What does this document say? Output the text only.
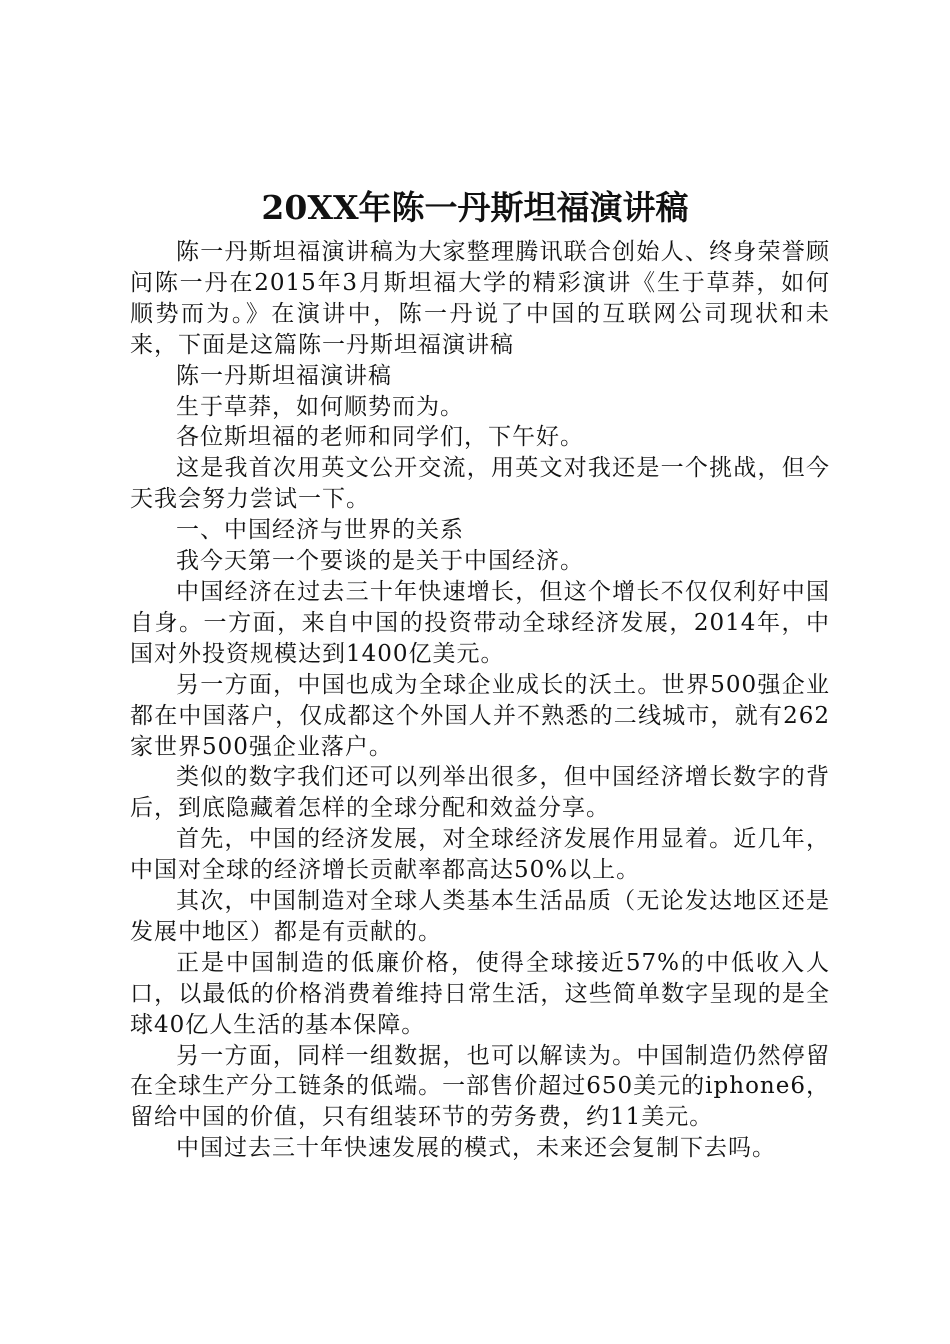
20XX年陈一丹斯坦福演讲稿

陈一丹斯坦福演讲稿为大家整理腾讯联合创始人、终身荣誉顾问陈一丹在2015年3月斯坦福大学的精彩演讲《生于草莽，如何顺势而为。》在演讲中，陈一丹说了中国的互联网公司现状和未来，下面是这篇陈一丹斯坦福演讲稿

陈一丹斯坦福演讲稿

生于草莽，如何顺势而为。

各位斯坦福的老师和同学们，下午好。

这是我首次用英文公开交流，用英文对我还是一个挑战，但今天我会努力尝试一下。

一、中国经济与世界的关系

我今天第一个要谈的是关于中国经济。

中国经济在过去三十年快速增长，但这个增长不仅仅利好中国自身。一方面，来自中国的投资带动全球经济发展，2014年，中国对外投资规模达到1400亿美元。

另一方面，中国也成为全球企业成长的沃土。世界500强企业都在中国落户，仅成都这个外国人并不熟悉的二线城市，就有262家世界500强企业落户。

类似的数字我们还可以列举出很多，但中国经济增长数字的背后，到底隐藏着怎样的全球分配和效益分享。

首先，中国的经济发展，对全球经济发展作用显着。近几年，中国对全球的经济增长贡献率都高达50%以上。

其次，中国制造对全球人类基本生活品质（无论发达地区还是发展中地区）都是有贡献的。

正是中国制造的低廉价格，使得全球接近57%的中低收入人口，以最低的价格消费着维持日常生活，这些简单数字呈现的是全球40亿人生活的基本保障。

另一方面，同样一组数据，也可以解读为。中国制造仍然停留在全球生产分工链条的低端。一部售价超过650美元的iphone6，留给中国的价值，只有组装环节的劳务费，约11美元。

中国过去三十年快速发展的模式，未来还会复制下去吗。
